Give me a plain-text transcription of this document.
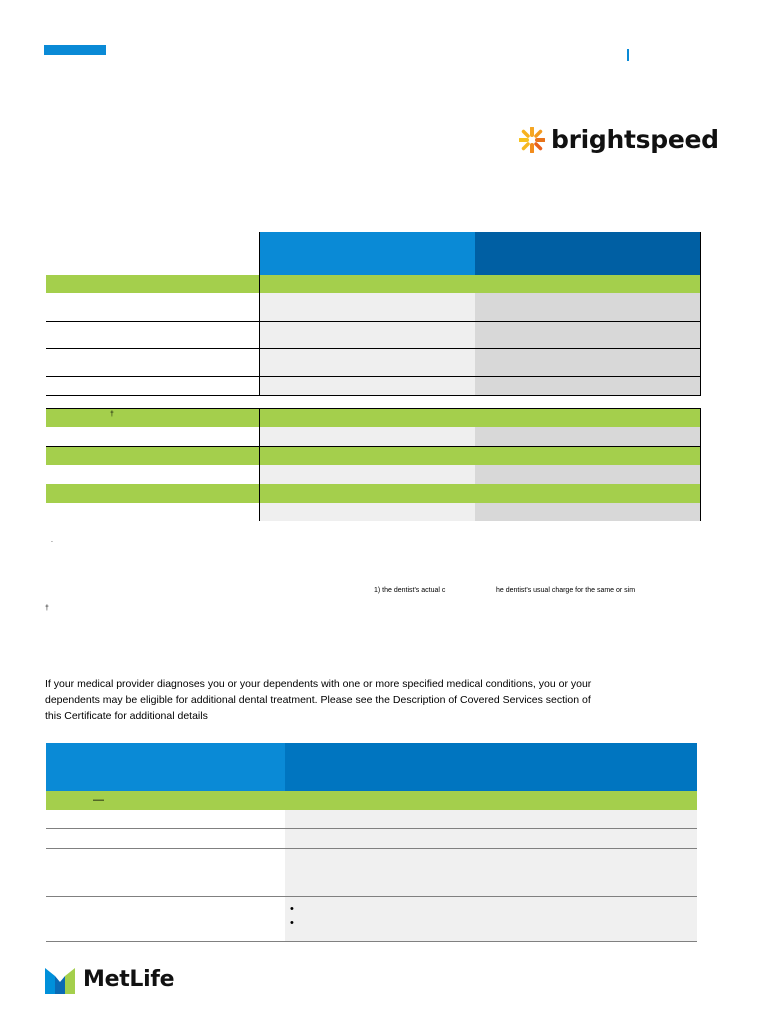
brightspeed
†
.
1) the dentist's actual c	he dentist's usual charge for the same or sim
†
If your medical provider diagnoses you or your dependents with one or more specified medical conditions, you or your dependents may be eligible for additional dental treatment. Please see the Description of Covered Services section of this Certificate for additional details
—
•
•
MetLife
